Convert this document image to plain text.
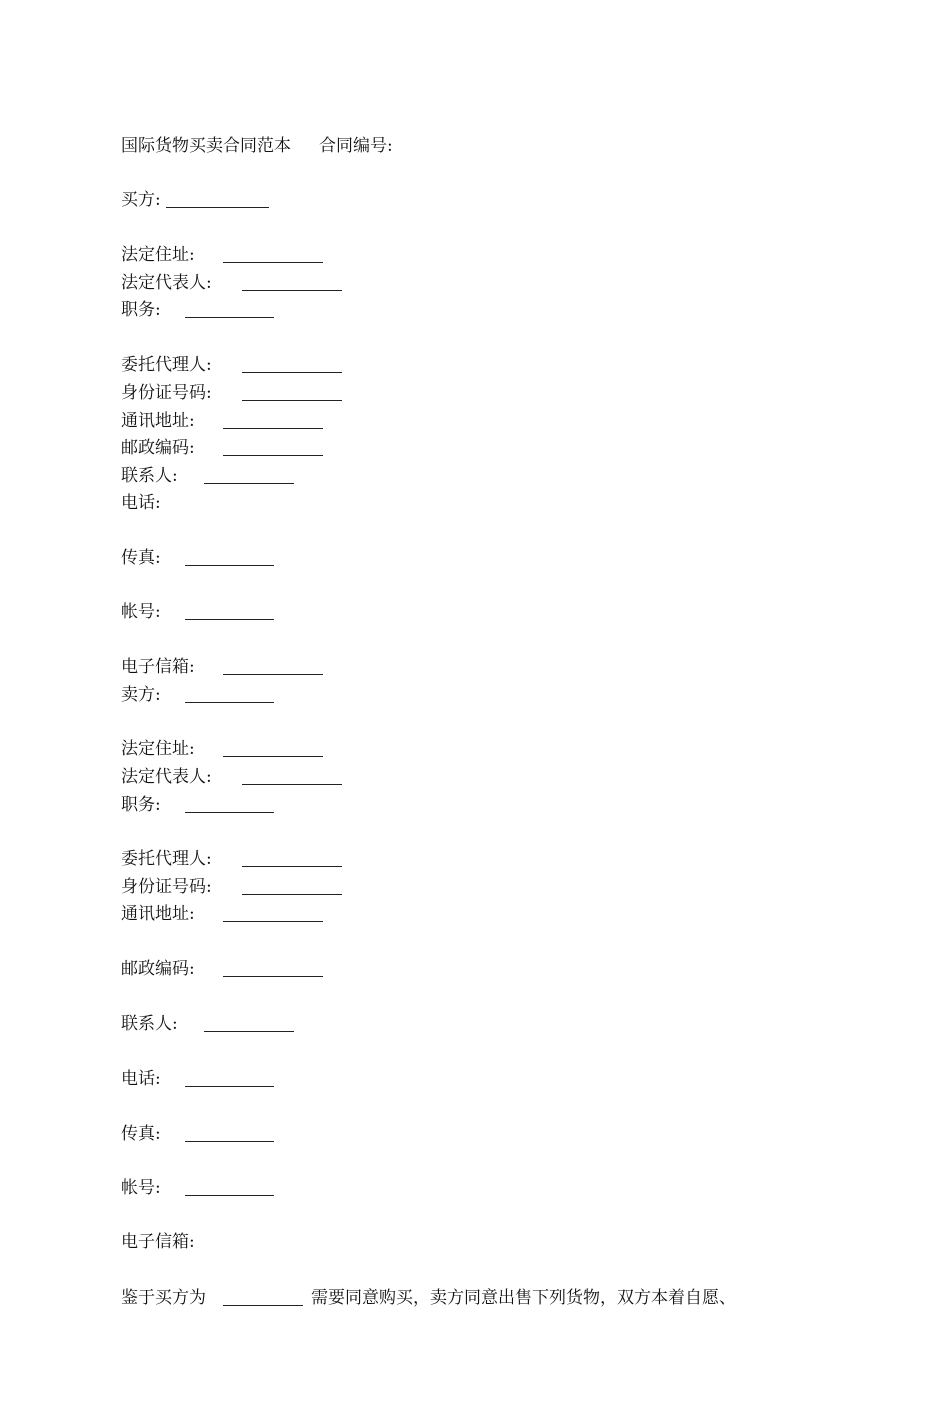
国际货物买卖合同范本 合同编号:
买方:
法定住址:
法定代表人:
职务:
委托代理人:
身份证号码:
通讯地址:
邮政编码:
联系人:
电话:
传真:
帐号:
电子信箱:
卖方:
法定住址:
法定代表人:
职务:
委托代理人:
身份证号码:
通讯地址:
邮政编码:
联系人:
电话:
传真:
帐号:
电子信箱:
鉴于买方为	需要同意购买，卖方同意出售下列货物，双方本着自愿、
